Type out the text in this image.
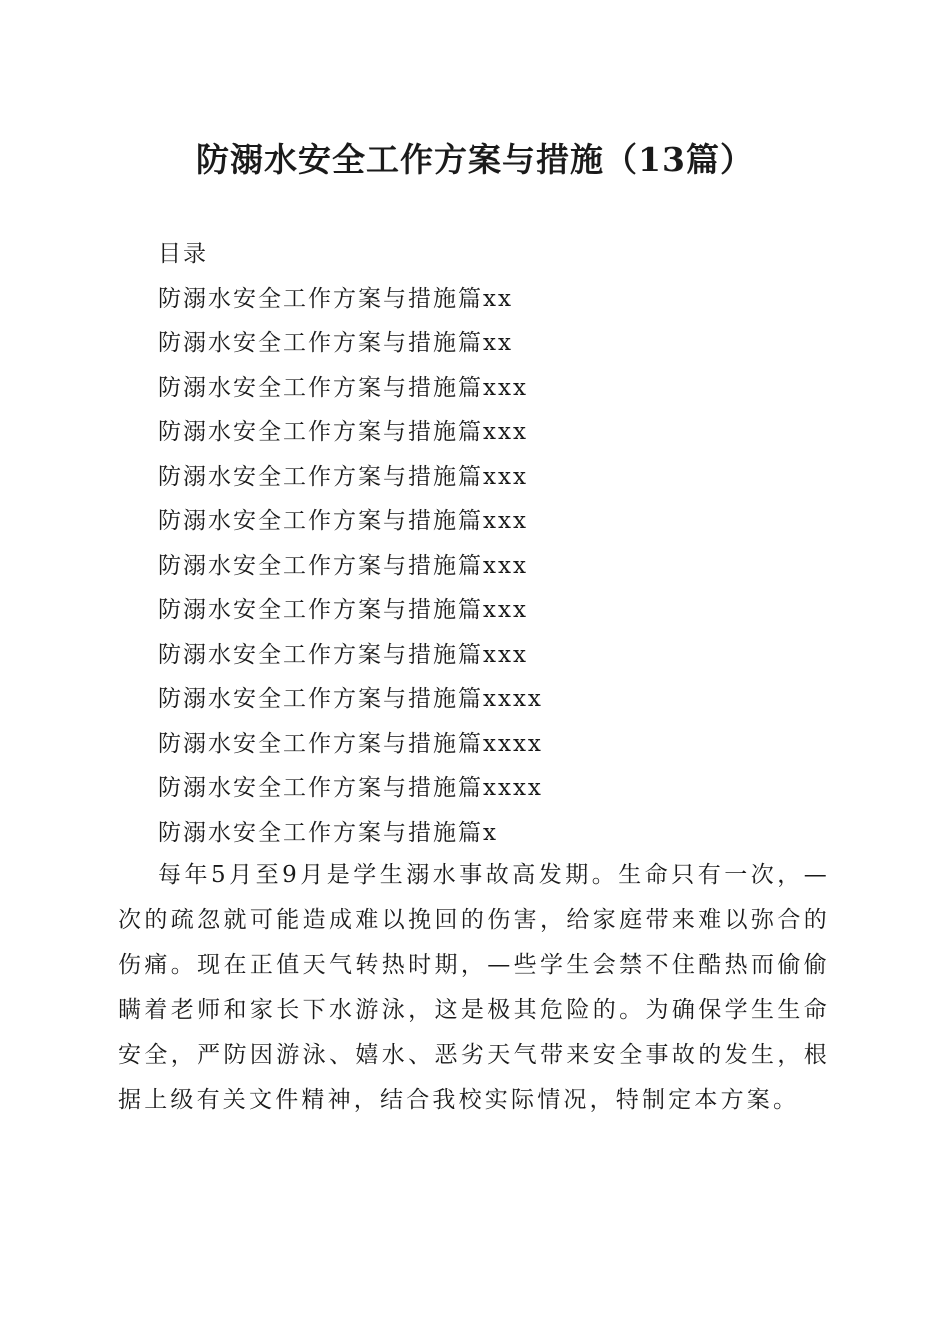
防溺水安全工作方案与措施（13篇）
目录
防溺水安全工作方案与措施篇xx
防溺水安全工作方案与措施篇xx
防溺水安全工作方案与措施篇xxx
防溺水安全工作方案与措施篇xxx
防溺水安全工作方案与措施篇xxx
防溺水安全工作方案与措施篇xxx
防溺水安全工作方案与措施篇xxx
防溺水安全工作方案与措施篇xxx
防溺水安全工作方案与措施篇xxx
防溺水安全工作方案与措施篇xxxx
防溺水安全工作方案与措施篇xxxx
防溺水安全工作方案与措施篇xxxx
防溺水安全工作方案与措施篇x

每年5月至9月是学生溺水事故高发期。生命只有一次，—次的疏忽就可能造成难以挽回的伤害，给家庭带来难以弥合的伤痛。现在正值天气转热时期，—些学生会禁不住酷热而偷偷瞒着老师和家长下水游泳，这是极其危险的。为确保学生生命安全，严防因游泳、嬉水、恶劣天气带来安全事故的发生，根据上级有关文件精神，结合我校实际情况，特制定本方案。
